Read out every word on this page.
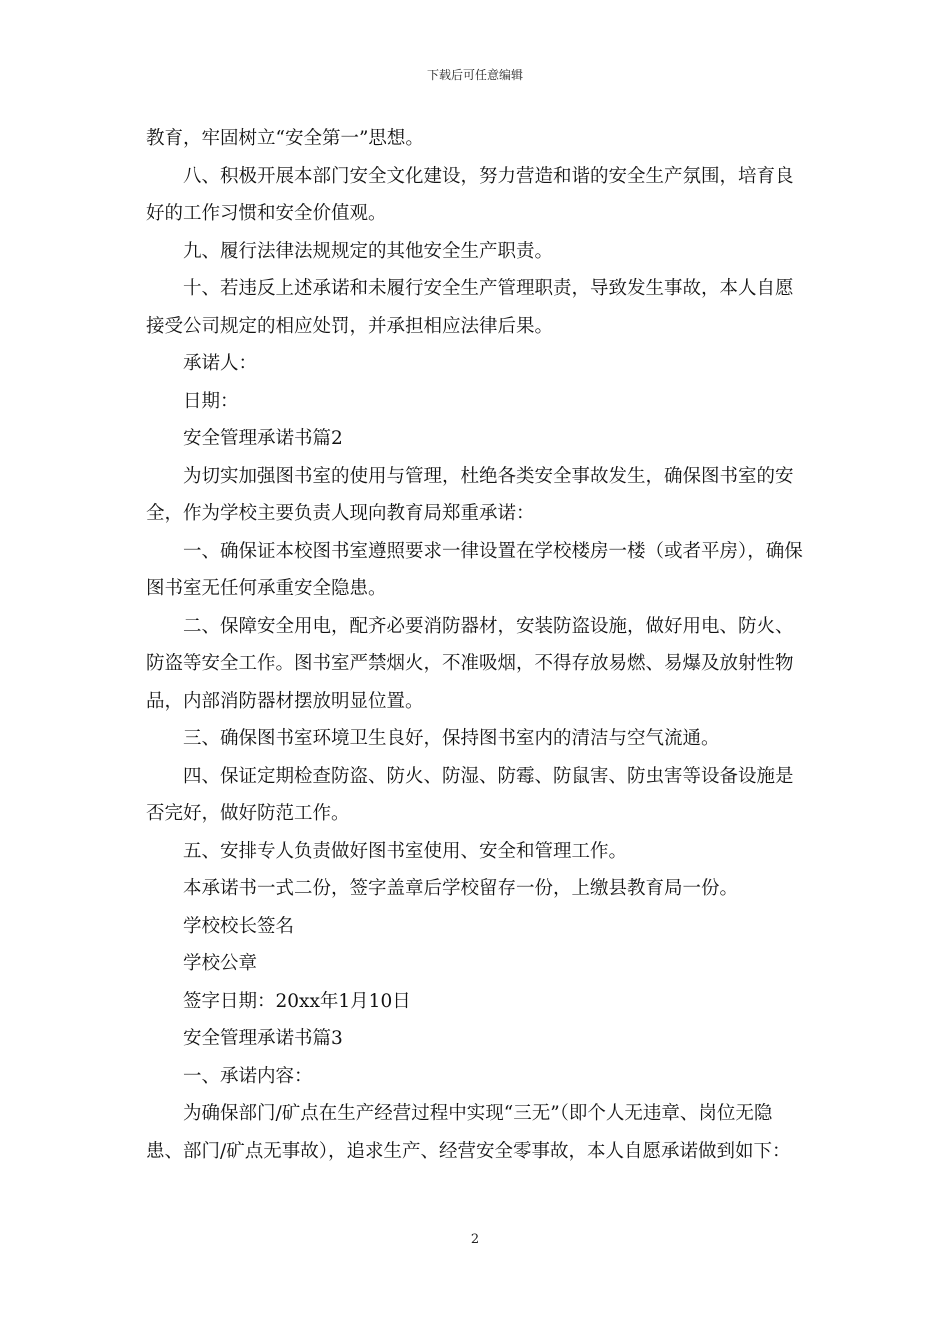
下载后可任意编辑

教育，牢固树立“安全第一”思想。

八、积极开展本部门安全文化建设，努力营造和谐的安全生产氛围，培育良好的工作习惯和安全价值观。

九、履行法律法规规定的其他安全生产职责。

十、若违反上述承诺和未履行安全生产管理职责，导致发生事故，本人自愿接受公司规定的相应处罚，并承担相应法律后果。

承诺人：

日期：

安全管理承诺书篇2

为切实加强图书室的使用与管理，杜绝各类安全事故发生，确保图书室的安全，作为学校主要负责人现向教育局郑重承诺：

一、确保证本校图书室遵照要求一律设置在学校楼房一楼（或者平房），确保图书室无任何承重安全隐患。

二、保障安全用电，配齐必要消防器材，安装防盗设施，做好用电、防火、防盗等安全工作。图书室严禁烟火，不准吸烟，不得存放易燃、易爆及放射性物品，内部消防器材摆放明显位置。

三、确保图书室环境卫生良好，保持图书室内的清洁与空气流通。

四、保证定期检查防盗、防火、防湿、防霉、防鼠害、防虫害等设备设施是否完好，做好防范工作。

五、安排专人负责做好图书室使用、安全和管理工作。

本承诺书一式二份，签字盖章后学校留存一份，上缴县教育局一份。

学校校长签名

学校公章

签字日期：20xx年1月10日

安全管理承诺书篇3

一、承诺内容：

为确保部门/矿点在生产经营过程中实现“三无”（即个人无违章、岗位无隐患、部门/矿点无事故），追求生产、经营安全零事故，本人自愿承诺做到如下：

2
